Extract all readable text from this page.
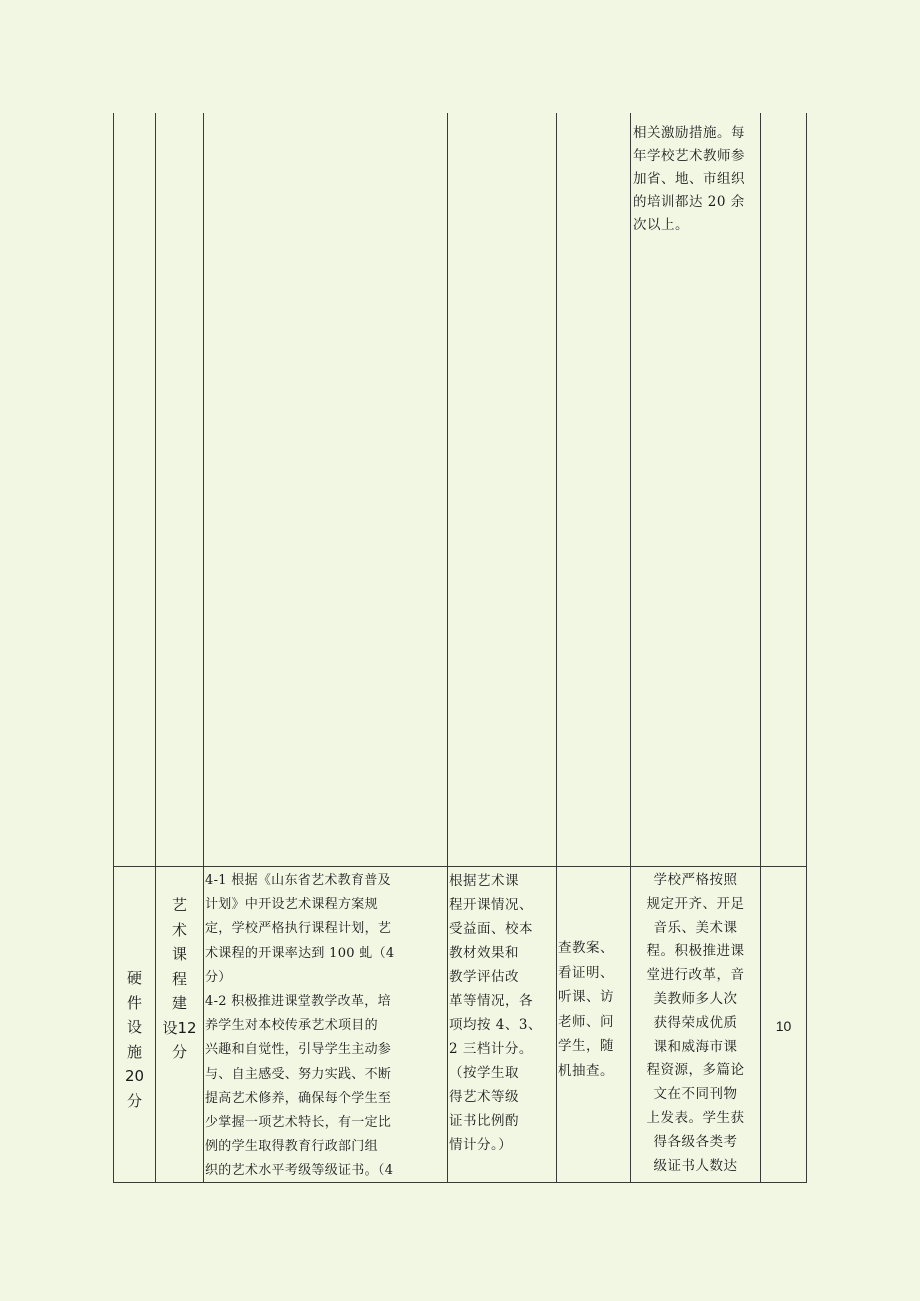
相关激励措施。每
年学校艺术教师参
加省、地、市组织
的培训都达 20 余
次以上。
硬
件
设
施
20
分
艺
术
课
程
建
设12
分
4-1 根据《山东省艺术教育普及
计划》中开设艺术课程方案规
定，学校严格执行课程计划，艺
术课程的开课率达到 100 虬（4
分）
4-2 积极推进课堂教学改革，培
养学生对本校传承艺术项目的
兴趣和自觉性，引导学生主动参
与、自主感受、努力实践、不断
提高艺术修养，确保每个学生至
少掌握一项艺术特长，有一定比
例的学生取得教育行政部门组
织的艺术水平考级等级证书。（4
根据艺术课
程开课情况、
受益面、校本
教材效果和
教学评估改
革等情况，各
项均按 4、3、
2 三档计分。
（按学生取
得艺术等级
证书比例酌
情计分。）
查教案、
看证明、
听课、访
老师、问
学生，随
机抽查。
学校严格按照
规定开齐、开足
音乐、美术课
程。积极推进课
堂进行改革，音
美教师多人次
获得荣成优质
课和威海市课
程资源，多篇论
文在不同刊物
上发表。学生获
得各级各类考
级证书人数达
10
